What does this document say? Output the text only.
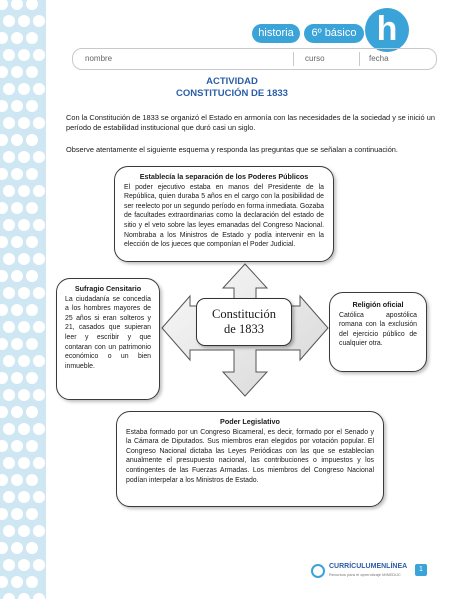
historia	6º básico h
nombre	curso	fecha
ACTIVIDAD
CONSTITUCIÓN DE 1833
Con la Constitución de 1833 se organizó el Estado en armonía con las necesidades de la sociedad y se inició un período de estabilidad institucional que duró casi un siglo.
Observe atentamente el siguiente esquema y responda las preguntas que se señalan a continuación.
Constitución de 1833
Establecía la separación de los Poderes Públicos

El poder ejecutivo estaba en manos del Presidente de la República, quien duraba 5 años en el cargo con la posibilidad de ser reelecto por un segundo período en forma inmediata. Gozaba de facultades extraordinarias como la declaración del estado de sitio y el veto sobre las leyes emanadas del Congreso Nacional. Nombraba a los Ministros de Estado y podía intervenir en la elección de los jueces que componían el Poder Judicial.

Sufragio Censitario

La ciudadanía se concedía a los hombres mayores de 25 años si eran solteros y 21, casados que supieran leer y escribir y que contaran con un patrimonio económico o un bien inmueble.

Religión oficial

Católica apostólica romana con la exclusión del ejercicio público de cualquier otra.

Poder Legislativo

Estaba formado por un Congreso Bicameral, es decir, formado por el Senado y la Cámara de Diputados. Sus miembros eran elegidos por votación popular. El Congreso Nacional dictaba las Leyes Periódicas con las que se establecían anualmente el presupuesto nacional, las contribuciones o impuestos y los contingentes de las Fuerzas Armadas. Los miembros del Congreso Nacional podían interpelar a los Ministros de Estado.

CURRÍCULUMENLÍNEA
Recursos para el aprendizaje MINEDUC
1
